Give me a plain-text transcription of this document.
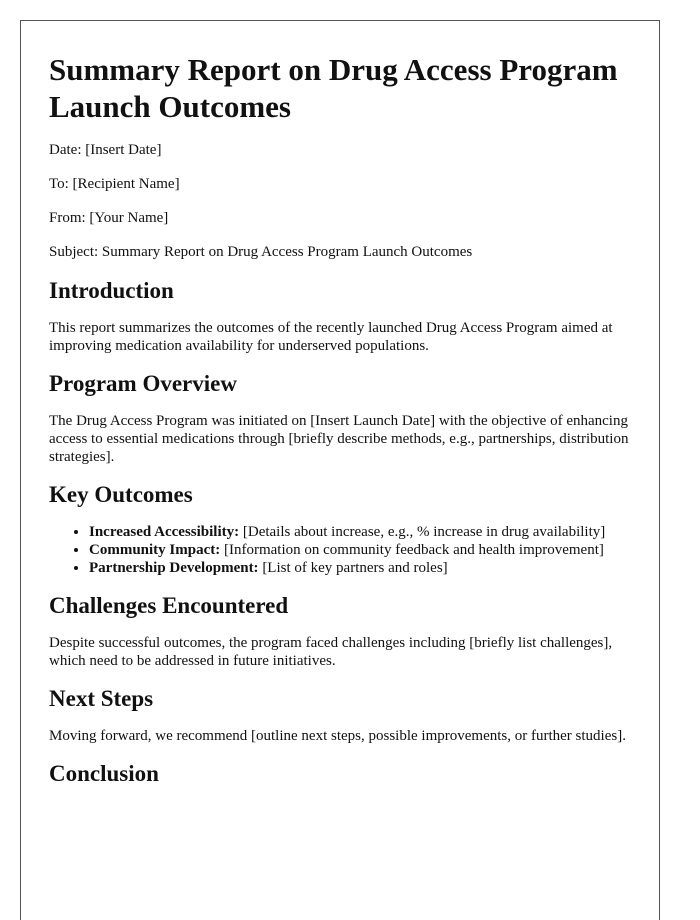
Summary Report on Drug Access Program Launch Outcomes

Date: [Insert Date]

To: [Recipient Name]

From: [Your Name]

Subject: Summary Report on Drug Access Program Launch Outcomes

Introduction

This report summarizes the outcomes of the recently launched Drug Access Program aimed at improving medication availability for underserved populations.

Program Overview

The Drug Access Program was initiated on [Insert Launch Date] with the objective of enhancing access to essential medications through [briefly describe methods, e.g., partnerships, distribution strategies].

Key Outcomes
• Increased Accessibility: [Details about increase, e.g., % increase in drug availability]
• Community Impact: [Information on community feedback and health improvement]
• Partnership Development: [List of key partners and roles]
Challenges Encountered

Despite successful outcomes, the program faced challenges including [briefly list challenges], which need to be addressed in future initiatives.

Next Steps

Moving forward, we recommend [outline next steps, possible improvements, or further studies].

Conclusion
